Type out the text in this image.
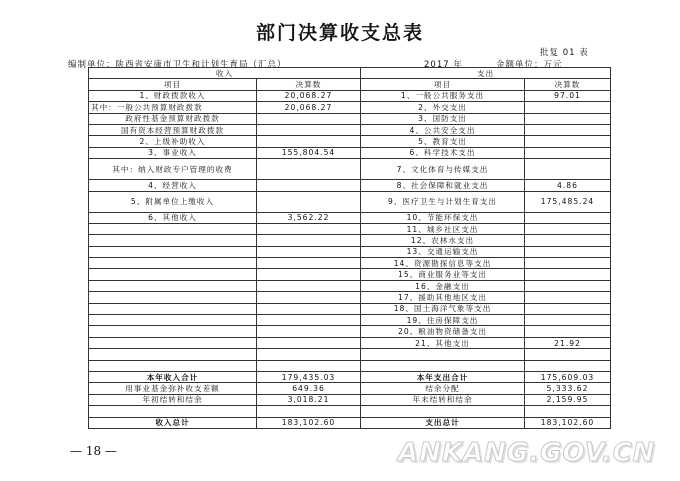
部门决算收支总表
批复 01 表
编制单位：陕西省安康市卫生和计划生育局（汇总）	2017 年	金额单位：万元
收入		支出	
项目	决算数	项目	决算数
1、财政拨款收入	20,068.27	1、一般公共服务支出	97.01
其中：一般公共预算财政拨款	20,068.27	2、外交支出	
政府性基金预算财政拨款		3、国防支出	
国有资本经营预算财政拨款		4、公共安全支出	
2、上级补助收入		5、教育支出	
3、事业收入	155,804.54	6、科学技术支出	
其中：纳入财政专户管理的收费		7、文化体育与传媒支出	
4、经营收入		8、社会保障和就业支出	4.86
5、附属单位上缴收入		9、医疗卫生与计划生育支出	175,485.24
6、其他收入	3,562.22	10、节能环保支出	
		11、城乡社区支出	
		12、农林水支出	
		13、交通运输支出	
		14、资源勘探信息等支出	
		15、商业服务业等支出	
		16、金融支出	
		17、援助其他地区支出	
		18、国土海洋气象等支出	
		19、住房保障支出	
		20、粮油物资储备支出	
		21、其他支出	21.92

本年收入合计	179,435.03	本年支出合计	175,609.03
用事业基金弥补收支差额	649.36	结余分配	5,333.62
年初结转和结余	3,018.21	年末结转和结余	2,159.95

收入总计	183,102.60	支出总计	183,102.60
— 18 —	ANKANG.GOV.CN
